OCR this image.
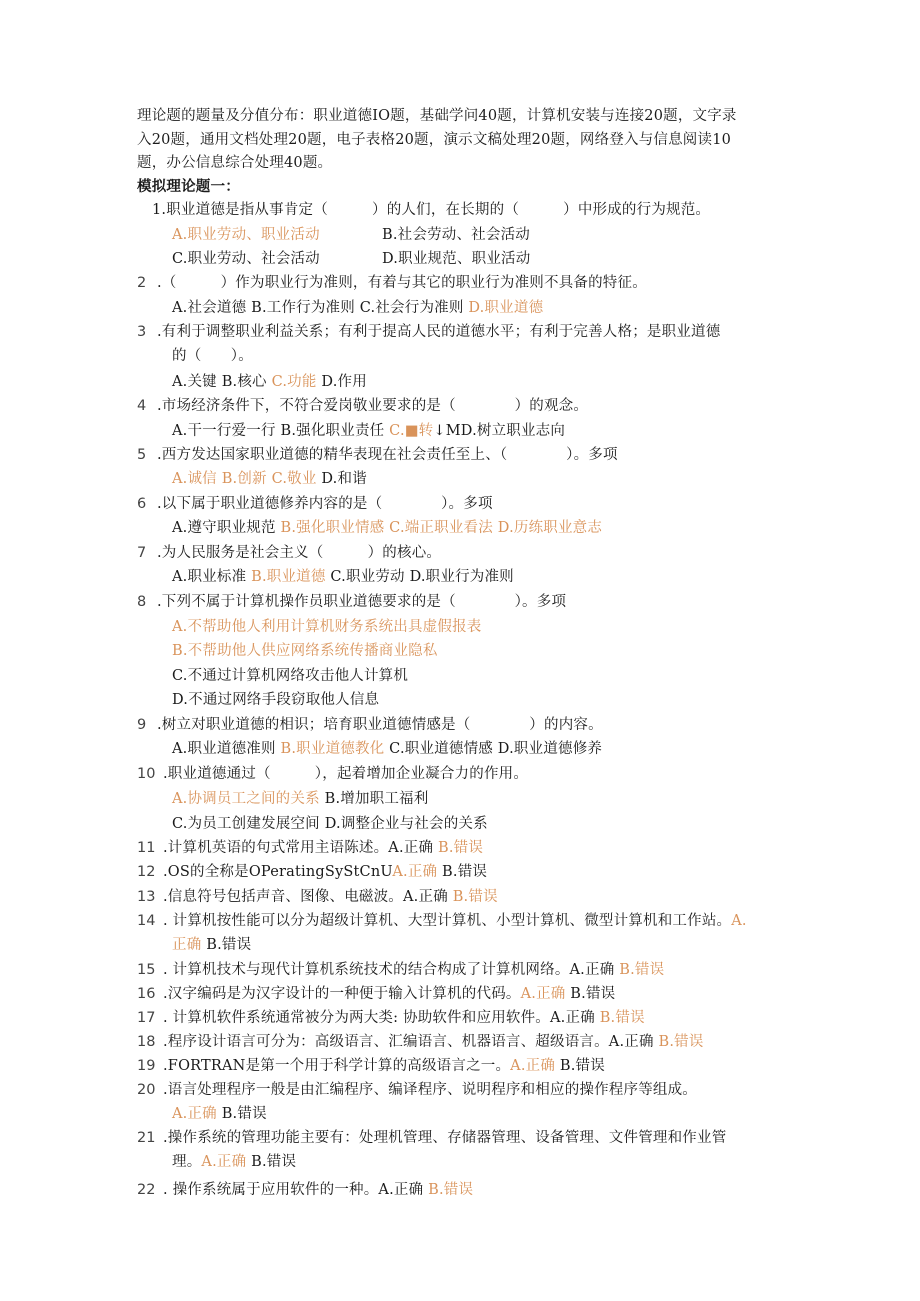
理论题的题量及分值分布：职业道德IO题，基础学问40题，计算机安装与连接20题，文字录
入20题，通用文档处理20题，电子表格20题，演示文稿处理20题，网络登入与信息阅读10
题，办公信息综合处理40题。
模拟理论题一：
1.职业道德是指从事肯定（　　　）的人们，在长期的（　　　）中形成的行为规范。
A.职业劳动、职业活动	B.社会劳动、社会活动
C.职业劳动、社会活动	D.职业规范、职业活动
2 .（　　　）作为职业行为准则，有着与其它的职业行为准则不具备的特征。
A.社会道德 B.工作行为准则 C.社会行为准则 D.职业道德
3 .有利于调整职业利益关系；有利于提高人民的道德水平；有利于完善人格；是职业道德
的（　　）。
A.关键 B.核心 C.功能 D.作用
4 .市场经济条件下，不符合爱岗敬业要求的是（　　　　）的观念。
A.干一行爱一行 B.强化职业责任 C.■转↓MD.树立职业志向
5 .西方发达国家职业道德的精华表现在社会责任至上、（　　　　）。多项
A.诚信 B.创新 C.敬业 D.和谐
6 .以下属于职业道德修养内容的是（　　　　）。多项
A.遵守职业规范 B.强化职业情感 C.端正职业看法 D.历练职业意志
7 .为人民服务是社会主义（　　　）的核心。
A.职业标准 B.职业道德 C.职业劳动 D.职业行为准则
8 .下列不属于计算机操作员职业道德要求的是（　　　　）。多项
A.不帮助他人利用计算机财务系统出具虚假报表
B.不帮助他人供应网络系统传播商业隐私
C.不通过计算机网络攻击他人计算机
D.不通过网络手段窃取他人信息
9 .树立对职业道德的相识；培育职业道德情感是（　　　　）的内容。
A.职业道德准则 B.职业道德教化 C.职业道德情感 D.职业道德修养
10 .职业道德通过（　　　），起着增加企业凝合力的作用。
A.协调员工之间的关系 B.增加职工福利
C.为员工创建发展空间 D.调整企业与社会的关系
11 .计算机英语的句式常用主语陈述。A.正确 B.错误
12 .OS的全称是OPeratingSyStCnUA.正确 B.错误
13 .信息符号包括声音、图像、电磁波。A.正确 B.错误
14 . 计算机按性能可以分为超级计算机、大型计算机、小型计算机、微型计算机和工作站。A.
正确 B.错误
15 . 计算机技术与现代计算机系统技术的结合构成了计算机网络。A.正确 B.错误
16 .汉字编码是为汉字设计的一种便于输入计算机的代码。A.正确 B.错误
17 . 计算机软件系统通常被分为两大类: 协助软件和应用软件。A.正确 B.错误
18 .程序设计语言可分为：高级语言、汇编语言、机器语言、超级语言。A.正确 B.错误
19 .FORTRAN是第一个用于科学计算的高级语言之一。A.正确 B.错误
20 .语言处理程序一般是由汇编程序、编译程序、说明程序和相应的操作程序等组成。
A.正确 B.错误
21 .操作系统的管理功能主要有：处理机管理、存储器管理、设备管理、文件管理和作业管
理。A.正确 B.错误
22 . 操作系统属于应用软件的一种。A.正确 B.错误
